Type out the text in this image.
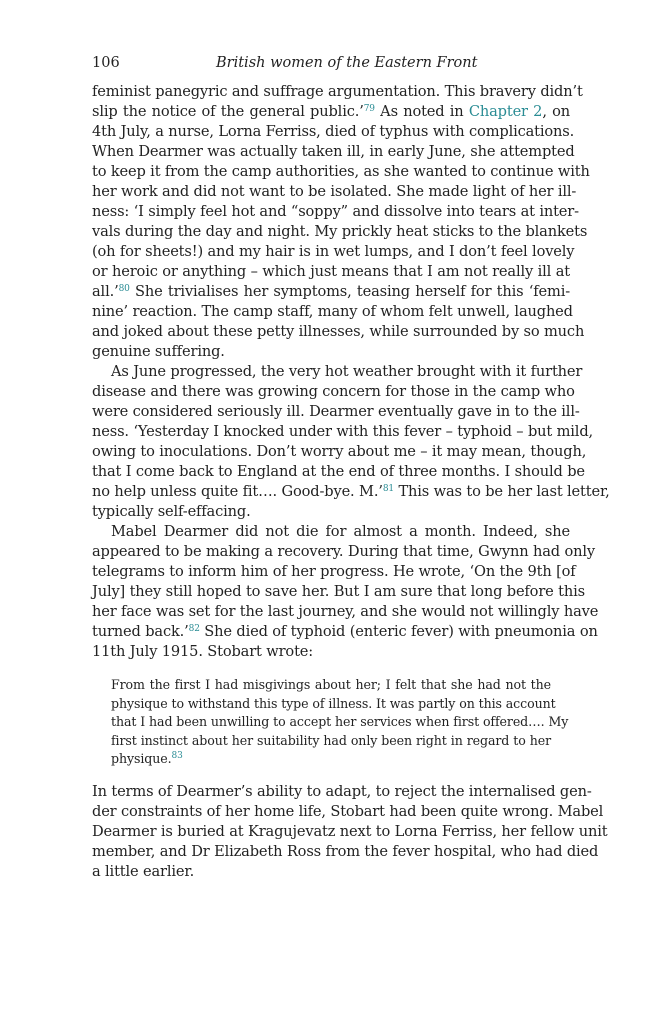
106	British women of the Eastern Front
feminist panegyric and suffrage argumentation. This bravery didn’t
slip the notice of the general public.’$^{79}$ As noted in Chapter 2, on
4th July, a nurse, Lorna Ferriss, died of typhus with complications.
When Dearmer was actually taken ill, in early June, she attempted
to keep it from the camp authorities, as she wanted to continue with
her work and did not want to be isolated. She made light of her ill-
ness: ‘I simply feel hot and “soppy” and dissolve into tears at inter-
vals during the day and night. My prickly heat sticks to the blankets
(oh for sheets!) and my hair is in wet lumps, and I don’t feel lovely
or heroic or anything – which just means that I am not really ill at
all.’$^{80}$ She trivialises her symptoms, teasing herself for this ‘femi-
nine’ reaction. The camp staff, many of whom felt unwell, laughed
and joked about these petty illnesses, while surrounded by so much
genuine suffering.
As June progressed, the very hot weather brought with it further
disease and there was growing concern for those in the camp who
were considered seriously ill. Dearmer eventually gave in to the ill-
ness. ‘Yesterday I knocked under with this fever – typhoid – but mild,
owing to inoculations. Don’t worry about me – it may mean, though,
that I come back to England at the end of three months. I should be
no help unless quite fit…. Good-bye. M.’$^{81}$ This was to be her last letter,
typically self-effacing.
Mabel Dearmer did not die for almost a month. Indeed, she
appeared to be making a recovery. During that time, Gwynn had only
telegrams to inform him of her progress. He wrote, ‘On the 9th [of
July] they still hoped to save her. But I am sure that long before this
her face was set for the last journey, and she would not willingly have
turned back.’$^{82}$ She died of typhoid (enteric fever) with pneumonia on
11th July 1915. Stobart wrote:
From the first I had misgivings about her; I felt that she had not the
physique to withstand this type of illness. It was partly on this account
that I had been unwilling to accept her services when first offered…. My
first instinct about her suitability had only been right in regard to her
physique.$^{83}$
In terms of Dearmer’s ability to adapt, to reject the internalised gen-
der constraints of her home life, Stobart had been quite wrong. Mabel
Dearmer is buried at Kragujevatz next to Lorna Ferriss, her fellow unit
member, and Dr Elizabeth Ross from the fever hospital, who had died
a little earlier.
